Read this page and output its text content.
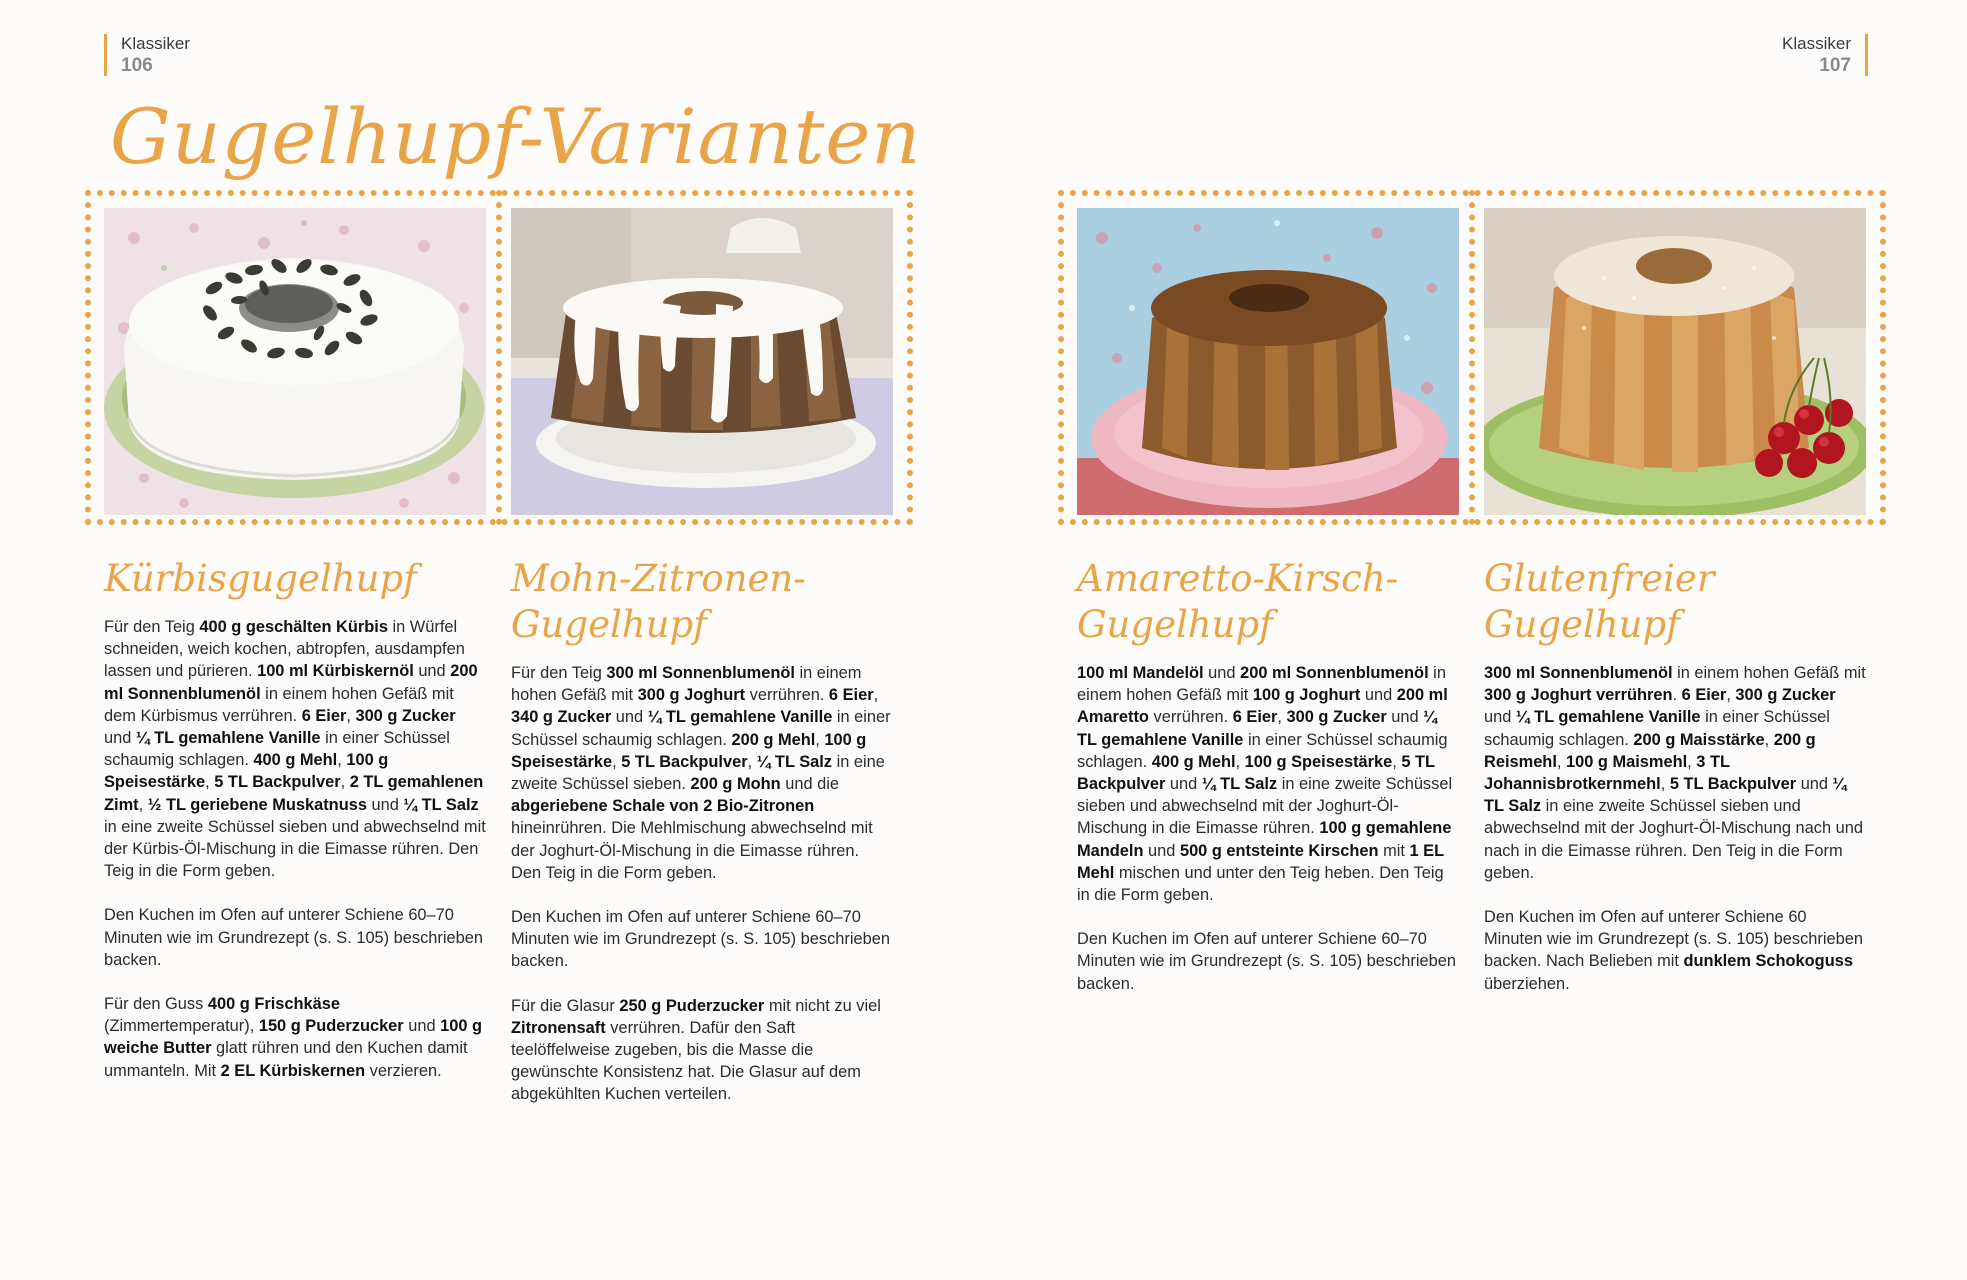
Klassiker
106
Klassiker
107
Gugelhupf-Varianten
Kürbisgugelhupf

Für den Teig 400 g geschälten Kürbis in Würfel schneiden, weich kochen, abtropfen, ausdampfen lassen und pürieren. 100 ml Kürbiskernöl und 200 ml Sonnenblumenöl in einem hohen Gefäß mit dem Kürbismus verrühren. 6 Eier, 300 g Zucker und ¼ TL gemahlene Vanille in einer Schüssel schaumig schlagen. 400 g Mehl, 100 g Speisestärke, 5 TL Backpulver, 2 TL gemahlenen Zimt, ½ TL geriebene Muskatnuss und ¼ TL Salz in eine zweite Schüssel sieben und abwechselnd mit der Kürbis-Öl-Mischung in die Eimasse rühren. Den Teig in die Form geben.

Den Kuchen im Ofen auf unterer Schiene 60–70 Minuten wie im Grundrezept (s. S. 105) beschrieben backen.

Für den Guss 400 g Frischkäse (Zimmertemperatur), 150 g Puderzucker und 100 g weiche Butter glatt rühren und den Kuchen damit ummanteln. Mit 2 EL Kürbiskernen verzieren.

Mohn-Zitronen-Gugelhupf

Für den Teig 300 ml Sonnenblumenöl in einem hohen Gefäß mit 300 g Joghurt verrühren. 6 Eier, 340 g Zucker und ¼ TL gemahlene Vanille in einer Schüssel schaumig schlagen. 200 g Mehl, 100 g Speisestärke, 5 TL Backpulver, ¼ TL Salz in eine zweite Schüssel sieben. 200 g Mohn und die abgeriebene Schale von 2 Bio-Zitronen hineinrühren. Die Mehlmischung abwechselnd mit der Joghurt-Öl-Mischung in die Eimasse rühren. Den Teig in die Form geben.

Den Kuchen im Ofen auf unterer Schiene 60–70 Minuten wie im Grundrezept (s. S. 105) beschrieben backen.

Für die Glasur 250 g Puderzucker mit nicht zu viel Zitronensaft verrühren. Dafür den Saft teelöffelweise zugeben, bis die Masse die gewünschte Konsistenz hat. Die Glasur auf dem abgekühlten Kuchen verteilen.

Amaretto-Kirsch-Gugelhupf

100 ml Mandelöl und 200 ml Sonnenblumenöl in einem hohen Gefäß mit 100 g Joghurt und 200 ml Amaretto verrühren. 6 Eier, 300 g Zucker und ¼ TL gemahlene Vanille in einer Schüssel schaumig schlagen. 400 g Mehl, 100 g Speisestärke, 5 TL Backpulver und ¼ TL Salz in eine zweite Schüssel sieben und abwechselnd mit der Joghurt-Öl-Mischung in die Eimasse rühren. 100 g gemahlene Mandeln und 500 g entsteinte Kirschen mit 1 EL Mehl mischen und unter den Teig heben. Den Teig in die Form geben.

Den Kuchen im Ofen auf unterer Schiene 60–70 Minuten wie im Grundrezept (s. S. 105) beschrieben backen.

Glutenfreier Gugelhupf

300 ml Sonnenblumenöl in einem hohen Gefäß mit 300 g Joghurt verrühren. 6 Eier, 300 g Zucker und ¼ TL gemahlene Vanille in einer Schüssel schaumig schlagen. 200 g Maisstärke, 200 g Reismehl, 100 g Maismehl, 3 TL Johannisbrotkernmehl, 5 TL Backpulver und ¼ TL Salz in eine zweite Schüssel sieben und abwechselnd mit der Joghurt-Öl-Mischung nach und nach in die Eimasse rühren. Den Teig in die Form geben.

Den Kuchen im Ofen auf unterer Schiene 60 Minuten wie im Grundrezept (s. S. 105) beschrieben backen. Nach Belieben mit dunklem Schokoguss überziehen.
